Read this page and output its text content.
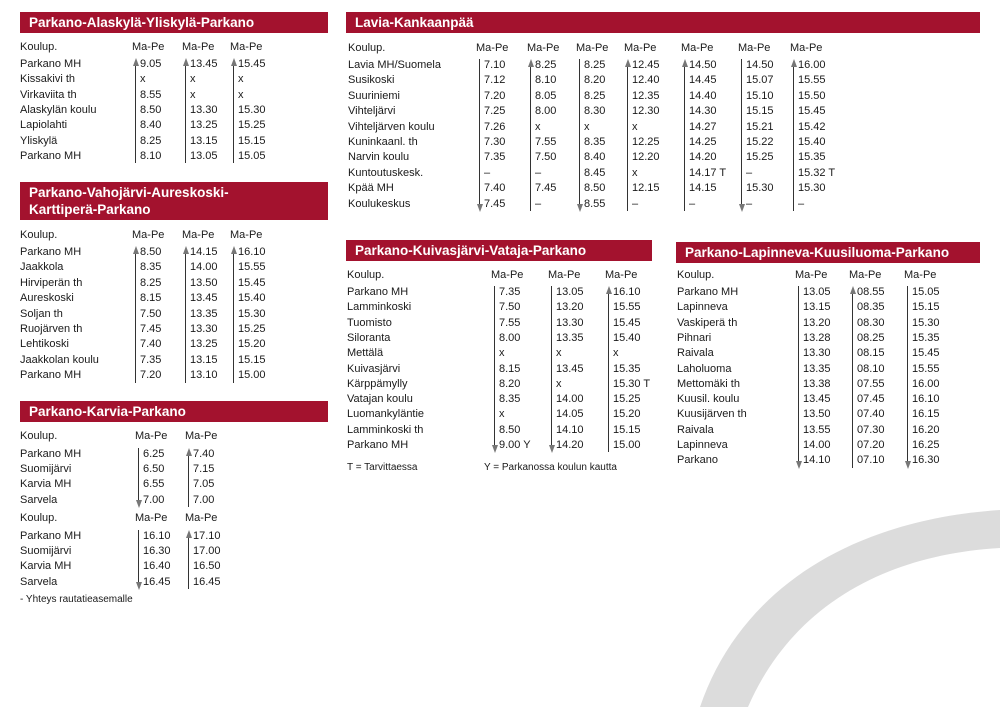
Parkano-Alaskylä-Yliskylä-Parkano
Parkano-Vahojärvi-Aureskoski-
Karttiperä-Parkano
Parkano-Karvia-Parkano
Lavia-Kankaanpää
Parkano-Kuivasjärvi-Vataja-Parkano	Parkano-Lapinneva-Kuusiluoma-Parkano
Koulup.	Ma-Pe Ma-Pe Ma-Pe
Parkano MH	9.05	13.45 15.45
Kissakivi th	x	x	x
Virkaviita th	8.55	x	x
Alaskylän koulu	8.50	13.30 15.30
Lapiolahti	8.40	13.25 15.25
Yliskylä	8.25	13.15 15.15
Parkano MH	8.10	13.05 15.05
Koulup.	Ma-Pe Ma-Pe Ma-Pe
Parkano MH	8.50	14.15 16.10
Jaakkola	8.35	14.00 15.55
Hirviperän th	8.25	13.50 15.45
Aureskoski	8.15	13.45 15.40
Soljan th	7.50	13.35 15.30
Ruojärven th	7.45	13.30 15.25
Lehtikoski	7.40	13.25 15.20
Jaakkolan koulu	7.35	13.15 15.15
Parkano MH	7.20	13.10 15.00
Koulup.	Ma-Pe Ma-Pe
Parkano MH	6.25	7.40
Suomijärvi	6.50	7.15
Karvia MH	6.55	7.05
Sarvela	7.00	7.00
Koulup.	Ma-Pe Ma-Pe
Parkano MH	16.10 17.10
Suomijärvi	16.30 17.00
Karvia MH	16.40 16.50
Sarvela	16.45 16.45
Koulup.	Ma-Pe Ma-Pe Ma-Pe Ma-Pe Ma-Pe Ma-Pe Ma-Pe
Lavia MH/Suomela	7.10	8.25	8.25 12.45	14.50	14.50 16.00
Susikoski	7.12	8.10	8.20 12.40	14.45	15.07 15.55
Suuriniemi	7.20	8.05	8.25 12.35	14.40	15.10 15.50
Vihteljärvi	7.25	8.00	8.30 12.30	14.30	15.15 15.45
Vihteljärven koulu	7.26	x	x	x	14.27	15.21 15.42
Kuninkaanl. th	7.30	7.55	8.35 12.25	14.25	15.22 15.40
Narvin koulu	7.35	7.50	8.40 12.20	14.20	15.25 15.35
Kuntoutuskesk.	–	–	8.45 x	14.17 T –	15.32 T
Kpää MH	7.40	7.45	8.50 12.15	14.15	15.30 15.30
Koulukeskus	7.45	–	8.55 –	–	–	–
Koulup.	Ma-Pe Ma-Pe Ma-Pe
Parkano MH	7.35	13.05	16.10
Lamminkoski	7.50	13.20	15.55
Tuomisto	7.55	13.30	15.45
Siloranta	8.00	13.35	15.40
Mettälä	x	x	x
Kuivasjärvi	8.15	13.45	15.35
Kärppämylly	8.20	x	15.30 T
Vatajan koulu	8.35	14.00	15.25
Luomankyläntie	x	14.05	15.20
Lamminkoski th	8.50	14.10	15.15
Parkano MH	9.00 Y 14.20	15.00
Koulup.	Ma-Pe Ma-Pe Ma-Pe
Parkano MH	13.05 08.55 15.05
Lapinneva	13.15 08.35 15.15
Vaskiperä th	13.20 08.30 15.30
Pihnari	13.28 08.25 15.35
Raivala	13.30 08.15 15.45
Laholuoma	13.35 08.10 15.55
Mettomäki th	13.38 07.55 16.00
Kuusil. koulu	13.45 07.45 16.10
Kuusijärven th	13.50 07.40 16.15
Raivala	13.55 07.30 16.20
Lapinneva	14.00 07.20 16.25
Parkano	14.10 07.10 16.30
- Yhteys rautatieasemalle
T = Tarvittaessa	Y = Parkanossa koulun kautta
